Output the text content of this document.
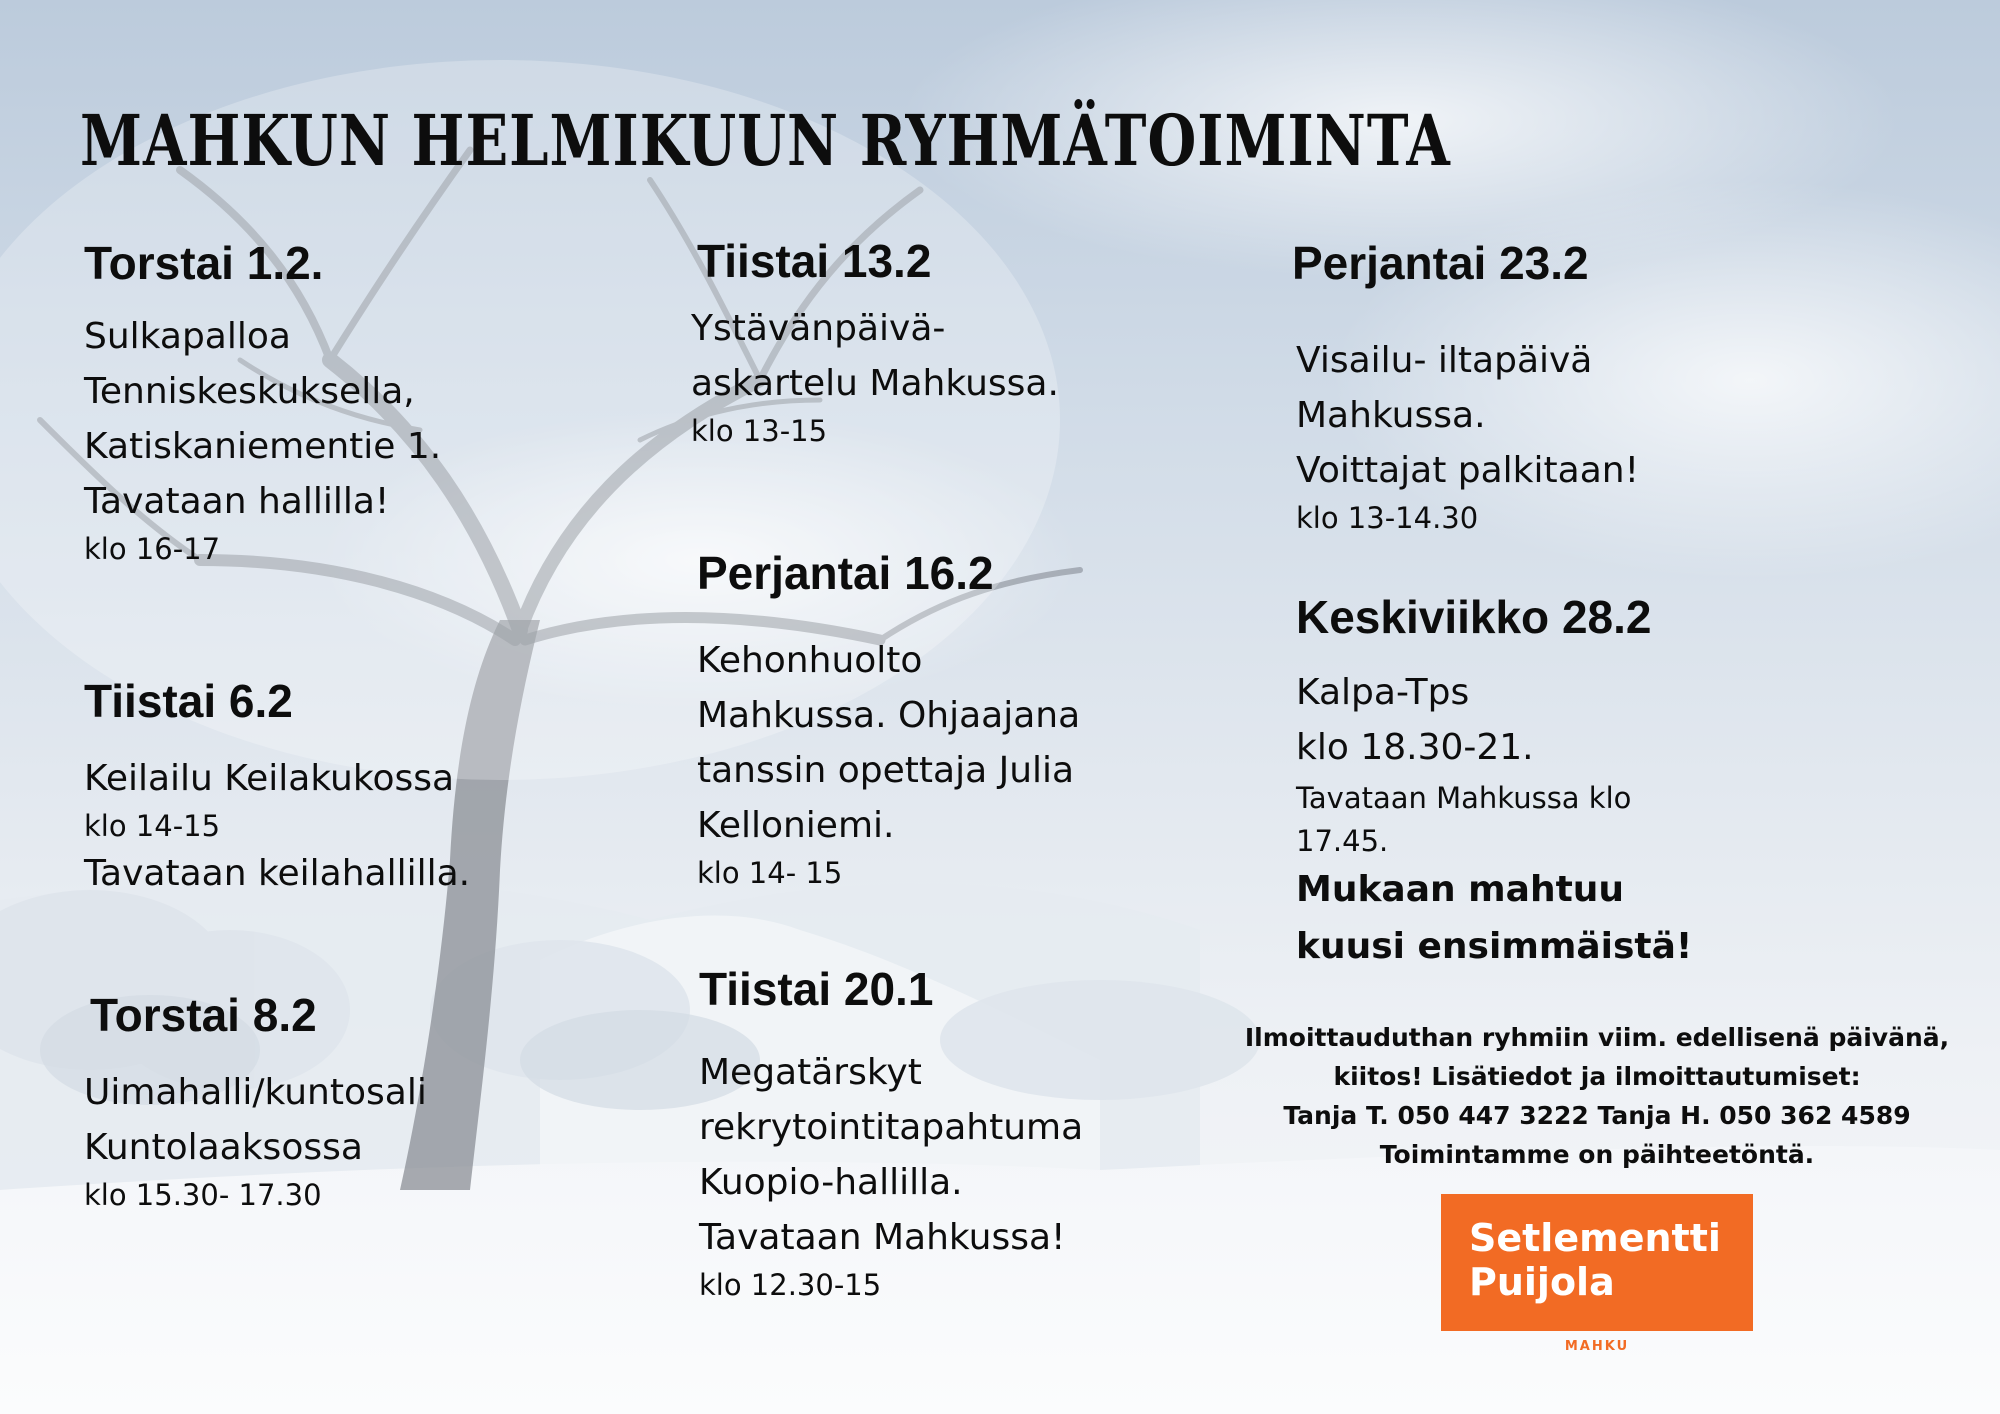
MAHKUN HELMIKUUN RYHMÄTOIMINTA

Torstai 1.2.

Sulkapalloa

Tenniskeskuksella,

Katiskaniementie 1.

Tavataan hallilla!

klo 16-17

Tiistai 6.2

Keilailu Keilakukossa

klo 14-15

Tavataan keilahallilla.

Torstai 8.2

Uimahalli/kuntosali

Kuntolaaksossa

klo 15.30- 17.30

Tiistai 13.2

Ystävänpäivä-

askartelu Mahkussa.

klo 13-15

Perjantai 16.2

Kehonhuolto

Mahkussa. Ohjaajana

tanssin opettaja Julia

Kelloniemi.

klo 14- 15

Tiistai 20.1

Megatärskyt

rekrytointitapahtuma

Kuopio-hallilla.

Tavataan Mahkussa!

klo 12.30-15

Perjantai 23.2

Visailu- iltapäivä

Mahkussa.

Voittajat palkitaan!

klo 13-14.30

Keskiviikko 28.2

Kalpa-Tps

klo 18.30-21.

Tavataan Mahkussa klo

17.45.

Mukaan mahtuu

kuusi ensimmäistä!

Ilmoittauduthan ryhmiin viim. edellisenä päivänä,

kiitos! Lisätiedot ja ilmoittautumiset:

Tanja T. 050 447 3222 Tanja H. 050 362 4589

Toimintamme on päihteetöntä.

Setlementti

Puijola

MAHKU
